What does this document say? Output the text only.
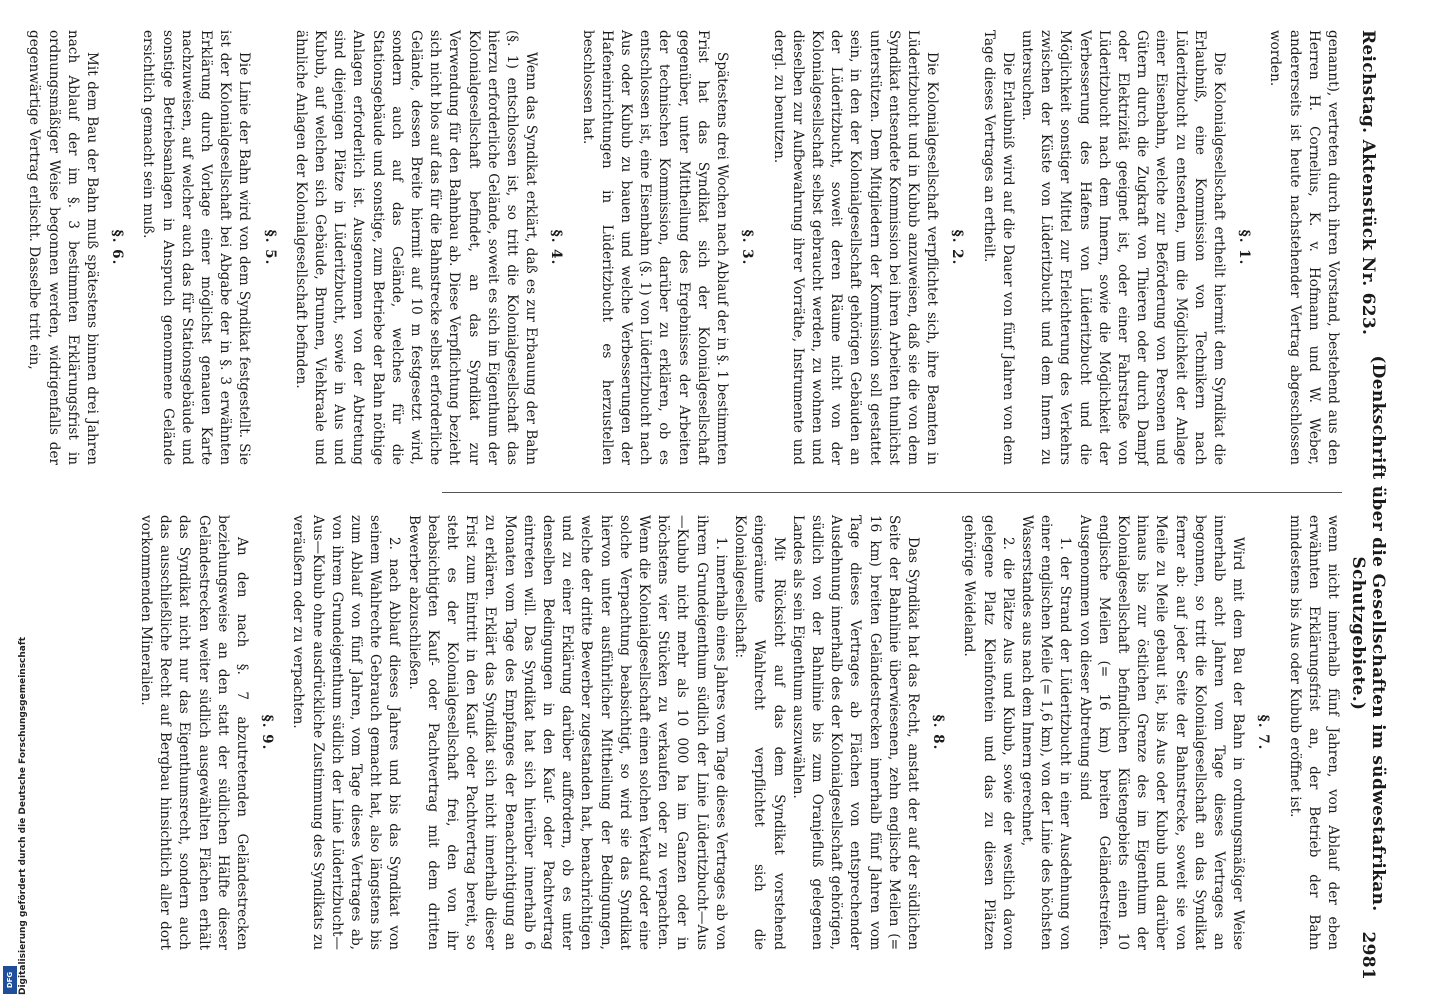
Reichstag. Aktenstück Nr. 623.
(Denkschrift über die Gesellschaften im südwestafrikan. Schutzgebiete.)
2981

genannt), vertreten durch ihren Vorstand, bestehend aus den Herren H. Cornelius, K. v. Hofmann und W. Weber, andererseits ist heute nachstehender Vertrag abgeschlossen worden.

§. 1.

Die Kolonialgesellschaft ertheilt hiermit dem Syndikat die Erlaubniß, eine Kommission von Technikern nach Lüderitzbucht zu entsenden, um die Möglichkeit der Anlage einer Eisenbahn, welche zur Beförderung von Personen und Gütern durch die Zugkraft von Thieren oder durch Dampf oder Elektrizität geeignet ist, oder einer Fahrstraße von Lüderitzbucht nach dem Innern, sowie die Möglichkeit der Verbesserung des Hafens von Lüderitzbucht und die Möglichkeit sonstiger Mittel zur Erleichterung des Verkehrs zwischen der Küste von Lüderitzbucht und dem Innern zu untersuchen.

Die Erlaubniß wird auf die Dauer von fünf Jahren von dem Tage dieses Vertrages an ertheilt.

§. 2.

Die Kolonialgesellschaft verpflichtet sich, ihre Beamten in Lüderitzbucht und in Kubub anzuweisen, daß sie die von dem Syndikat entsendete Kommission bei ihren Arbeiten thunlichst unterstützen. Dem Mitgliedern der Kommission soll gestattet sein, in den der Kolonialgesellschaft gehörigen Gebäuden an der Lüderitzbucht, soweit deren Räume nicht von der Kolonialgesellschaft selbst gebraucht werden, zu wohnen und dieselben zur Aufbewahrung ihrer Vorräthe, Instrumente und dergl. zu benutzen.

§. 3.

Spätestens drei Wochen nach Ablauf der in §. 1 bestimmten Frist hat das Syndikat sich der Kolonialgesellschaft gegenüber, unter Mittheilung des Ergebnisses der Arbeiten der technischen Kommission, darüber zu erklären, ob es entschlossen ist, eine Eisenbahn (§. 1) von Lüderitzbucht nach Aus oder Kubub zu bauen und welche Verbesserungen der Hafeneinrichtungen in Lüderitzbucht es herzustellen beschlossen hat.

§. 4.

Wenn das Syndikat erklärt, daß es zur Erbauung der Bahn (§. 1) entschlossen ist, so tritt die Kolonialgesellschaft das hierzu erforderliche Gelände, soweit es sich im Eigenthum der Kolonialgesellschaft befindet, an das Syndikat zur Verwendung für den Bahnbau ab. Diese Verpflichtung bezieht sich nicht blos auf das für die Bahnstrecke selbst erforderliche Gelände, dessen Breite hiermit auf 10 m festgesetzt wird, sondern auch auf das Gelände, welches für die Stationsgebäude und sonstige, zum Betriebe der Bahn nöthige Anlagen erforderlich ist. Ausgenommen von der Abtretung sind diejenigen Plätze in Lüderitzbucht, sowie in Aus und Kubub, auf welchen sich Gebäude, Brunnen, Viehkraale und ähnliche Anlagen der Kolonialgesellschaft befinden.

§. 5.

Die Linie der Bahn wird von dem Syndikat festgestellt. Sie ist der Kolonialgesellschaft bei Abgabe der in §. 3 erwähnten Erklärung durch Vorlage einer möglichst genauen Karte nachzuweisen, auf welcher auch das für Stationsgebäude und sonstige Betriebsanlagen in Anspruch genommene Gelände ersichtlich gemacht sein muß.

§. 6.

Mit dem Bau der Bahn muß spätestens binnen drei Jahren nach Ablauf der im §. 3 bestimmten Erklärungsfrist in ordnungsmäßiger Weise begonnen werden, widrigenfalls der gegenwärtige Vertrag erlischt. Dasselbe tritt ein,

wenn nicht innerhalb fünf Jahren, von Ablauf der eben erwähnten Erklärungsfrist an, der Betrieb der Bahn mindestens bis Aus oder Kubub eröffnet ist.

§. 7.

Wird mit dem Bau der Bahn in ordnungsmäßiger Weise innerhalb acht Jahren vom Tage dieses Vertrages an begonnen, so tritt die Kolonialgesellschaft an das Syndikat ferner ab: auf jeder Seite der Bahnstrecke, soweit sie von Meile zu Meile gebaut ist, bis Aus oder Kubub und darüber hinaus bis zur östlichen Grenze des im Eigenthum der Kolonialgesellschaft befindlichen Küstengebiets einen 10 englische Meilen (= 16 km) breiten Geländestreifen. Ausgenommen von dieser Abtretung sind

1. der Strand der Lüderitzbucht in einer Ausdehnung von einer englischen Meile (= 1,6 km), von der Linie des höchsten Wasserstandes aus nach dem Innern gerechnet,

2. die Plätze Aus und Kubub, sowie der westlich davon gelegene Platz Kleinfontein und das zu diesen Plätzen gehörige Weideland.

§. 8.

Das Syndikat hat das Recht, anstatt der auf der südlichen Seite der Bahnlinie überwiesenen, zehn englische Meilen (= 16 km) breiten Geländestrecken innerhalb fünf Jahren vom Tage dieses Vertrages ab Flächen von entsprechender Ausdehnung innerhalb des der Kolonialgesellschaft gehörigen, südlich von der Bahnlinie bis zum Oranjefluß gelegenen Landes als sein Eigenthum auszuwählen.

Mit Rücksicht auf das dem Syndikat vorstehend eingeräumte Wahlrecht verpflichtet sich die Kolonialgesellschaft:

1. innerhalb eines Jahres vom Tage dieses Vertrages ab von ihrem Grundeigenthum südlich der Linie Lüderitzbucht—Aus—Kubub nicht mehr als 10 000 ha im Ganzen oder in höchstens vier Stücken zu verkaufen oder zu verpachten. Wenn die Kolonialgesellschaft einen solchen Verkauf oder eine solche Verpachtung beabsichtigt, so wird sie das Syndikat hiervon unter ausführlicher Mittheilung der Bedingungen, welche der dritte Bewerber zugestanden hat, benachrichtigen und zu einer Erklärung darüber auffordern, ob es unter denselben Bedingungen in den Kauf- oder Pachtvertrag eintreten will. Das Syndikat hat sich hierüber innerhalb 6 Monaten vom Tage des Empfanges der Benachrichtigung an zu erklären. Erklärt das Syndikat sich nicht innerhalb dieser Frist zum Eintritt in den Kauf- oder Pachtvertrag bereit, so steht es der Kolonialgesellschaft frei, den von ihr beabsichtigten Kauf- oder Pachtvertrag mit dem dritten Bewerber abzuschließen.

2. nach Ablauf dieses Jahres und bis das Syndikat von seinem Wahlrechte Gebrauch gemacht hat, also längstens bis zum Ablauf von fünf Jahren, vom Tage dieses Vertrages ab, von ihrem Grundeigenthum südlich der Linie Lüderitzbucht—Aus—Kubub ohne ausdrückliche Zustimmung des Syndikats zu veräußern oder zu verpachten.

§. 9.

An den nach §. 7 abzutretenden Geländestrecken beziehungsweise an den statt der südlichen Hälfte dieser Geländestrecken weiter südlich ausgewählten Flächen erhält das Syndikat nicht nur das Eigenthumsrecht, sondern auch das ausschließliche Recht auf Bergbau hinsichtlich aller dort vorkommenden Mineralien.

Digitalisierung gefördert durch die Deutsche Forschungsgemeinschaft
DFG
